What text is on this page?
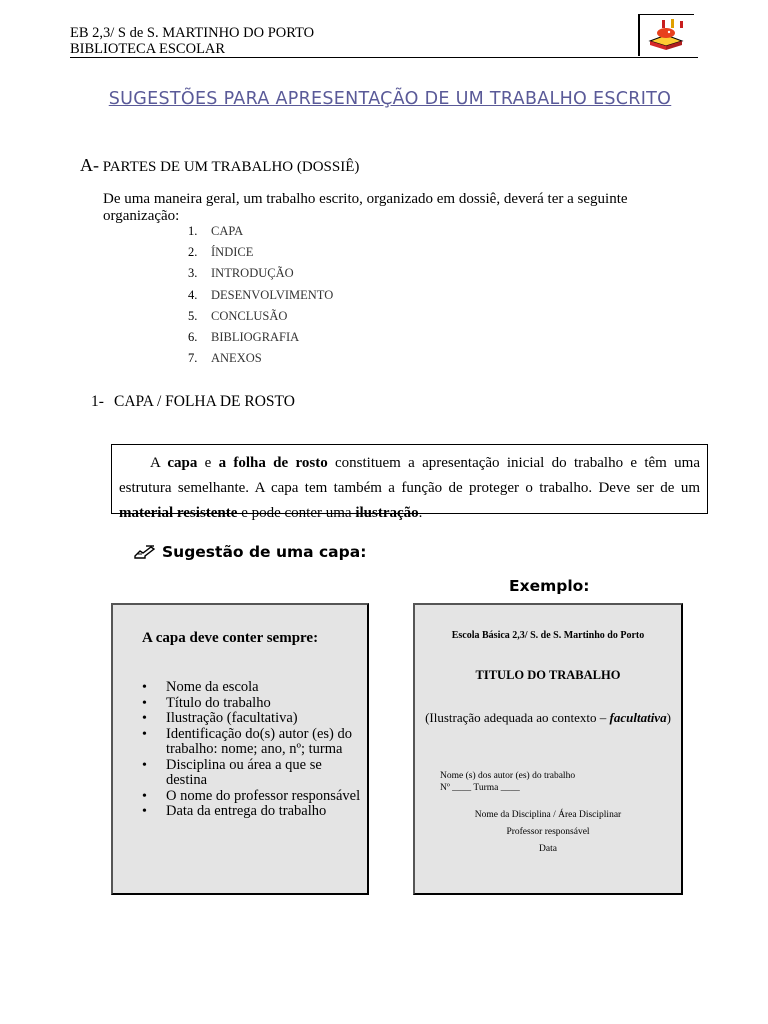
EB 2,3/ S de S. MARTINHO DO PORTO
BIBLIOTECA ESCOLAR
SUGESTÕES PARA APRESENTAÇÃO DE UM TRABALHO ESCRITO
A- PARTES DE UM TRABALHO (DOSSIÊ)
De uma maneira geral, um trabalho escrito, organizado em dossiê, deverá ter a seguinte organização:
1.	CAPA
2.	ÍNDICE
3.	INTRODUÇÃO
4.	DESENVOLVIMENTO
5.	CONCLUSÃO
6.	BIBLIOGRAFIA
7.	ANEXOS
1- CAPA / FOLHA DE ROSTO
A capa e a folha de rosto constituem a apresentação inicial do trabalho e têm uma estrutura semelhante. A capa tem também a função de proteger o trabalho. Deve ser de um material resistente e pode conter uma ilustração.
Sugestão de uma capa:
Exemplo:
A capa deve conter sempre:
• Nome da escola
• Título do trabalho
• Ilustração (facultativa)
• Identificação do(s) autor (es) do trabalho: nome; ano, nº; turma
• Disciplina ou área a que se destina
• O nome do professor responsável
• Data da entrega do trabalho
Escola Básica 2,3/ S. de S. Martinho do Porto
TITULO DO TRABALHO
(Ilustração adequada ao contexto – facultativa)
Nome (s) dos autor (es) do trabalho
Nº ____ Turma ____
Nome da Disciplina / Área Disciplinar
Professor responsável
Data
